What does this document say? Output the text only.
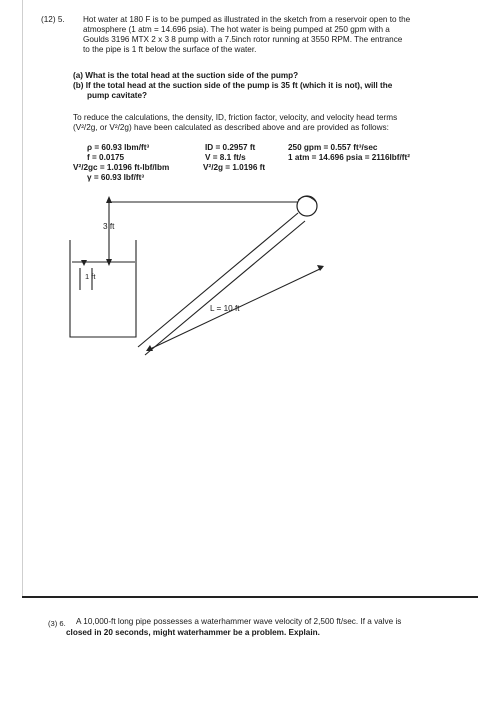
(12) 5. Hot water at 180 F is to be pumped as illustrated in the sketch from a reservoir open to the
atmosphere (1 atm = 14.696 psia). The hot water is being pumped at 250 gpm with a
Goulds 3196 MTX 2 x 3 8 pump with a 7.5inch rotor running at 3550 RPM. The entrance
to the pipe is 1 ft below the surface of the water.
(a) What is the total head at the suction side of the pump?
(b) If the total head at the suction side of the pump is 35 ft (which it is not), will the
pump cavitate?
To reduce the calculations, the density, ID, friction factor, velocity, and velocity head terms
(V²/2g, or V²/2g) have been calculated as described above and are provided as follows:
ρ = 60.93 lbm/ft³
f = 0.0175
V²/2gc = 1.0196 ft-lbf/lbm
γ = 60.93 lbf/ft³
ID = 0.2957 ft
V = 8.1 ft/s
V²/2g = 1.0196 ft
250 gpm = 0.557 ft³/sec
1 atm = 14.696 psia = 2116lbf/ft²
3 ft
1 ft
L = 10 ft
(3) 6. A 10,000-ft long pipe possesses a waterhammer wave velocity of 2,500 ft/sec. If a valve is
closed in 20 seconds, might waterhammer be a problem. Explain.
